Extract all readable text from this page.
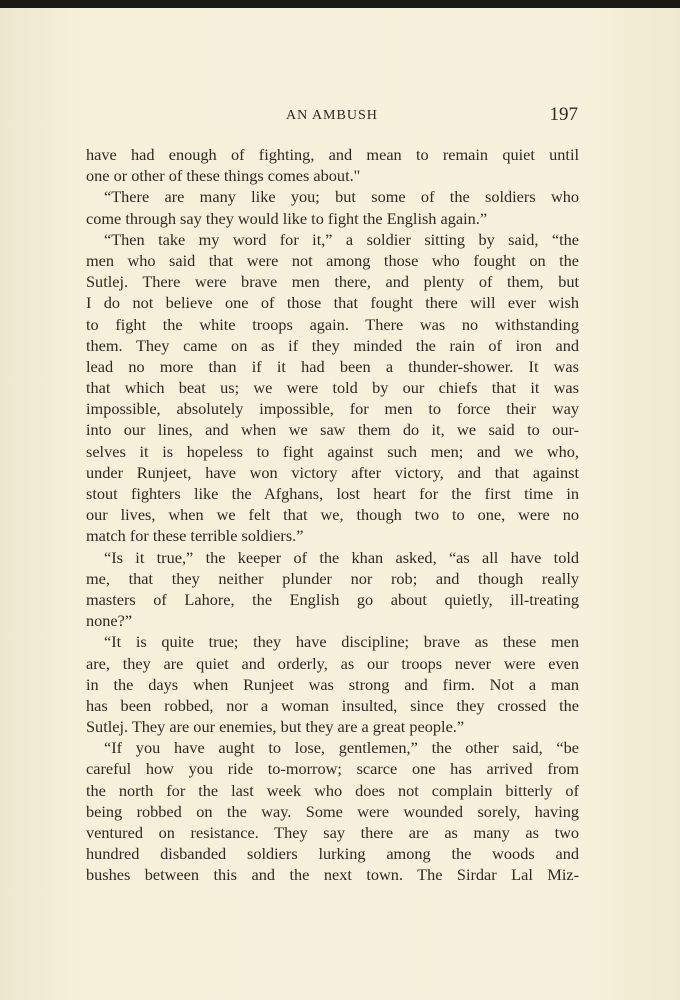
AN AMBUSH	197
have had enough of fighting, and mean to remain quiet until
one or other of these things comes about."
“There are many like you; but some of the soldiers who
come through say they would like to fight the English again.”
“Then take my word for it,” a soldier sitting by said, “the
men who said that were not among those who fought on the
Sutlej. There were brave men there, and plenty of them, but
I do not believe one of those that fought there will ever wish
to fight the white troops again. There was no withstanding
them. They came on as if they minded the rain of iron and
lead no more than if it had been a thunder-shower. It was
that which beat us; we were told by our chiefs that it was
impossible, absolutely impossible, for men to force their way
into our lines, and when we saw them do it, we said to our-
selves it is hopeless to fight against such men; and we who,
under Runjeet, have won victory after victory, and that against
stout fighters like the Afghans, lost heart for the first time in
our lives, when we felt that we, though two to one, were no
match for these terrible soldiers.”
“Is it true,” the keeper of the khan asked, “as all have told
me, that they neither plunder nor rob; and though really
masters of Lahore, the English go about quietly, ill-treating
none?”
“It is quite true; they have discipline; brave as these men
are, they are quiet and orderly, as our troops never were even
in the days when Runjeet was strong and firm. Not a man
has been robbed, nor a woman insulted, since they crossed the
Sutlej. They are our enemies, but they are a great people.”
“If you have aught to lose, gentlemen,” the other said, “be
careful how you ride to-morrow; scarce one has arrived from
the north for the last week who does not complain bitterly of
being robbed on the way. Some were wounded sorely, having
ventured on resistance. They say there are as many as two
hundred disbanded soldiers lurking among the woods and
bushes between this and the next town. The Sirdar Lal Miz-
